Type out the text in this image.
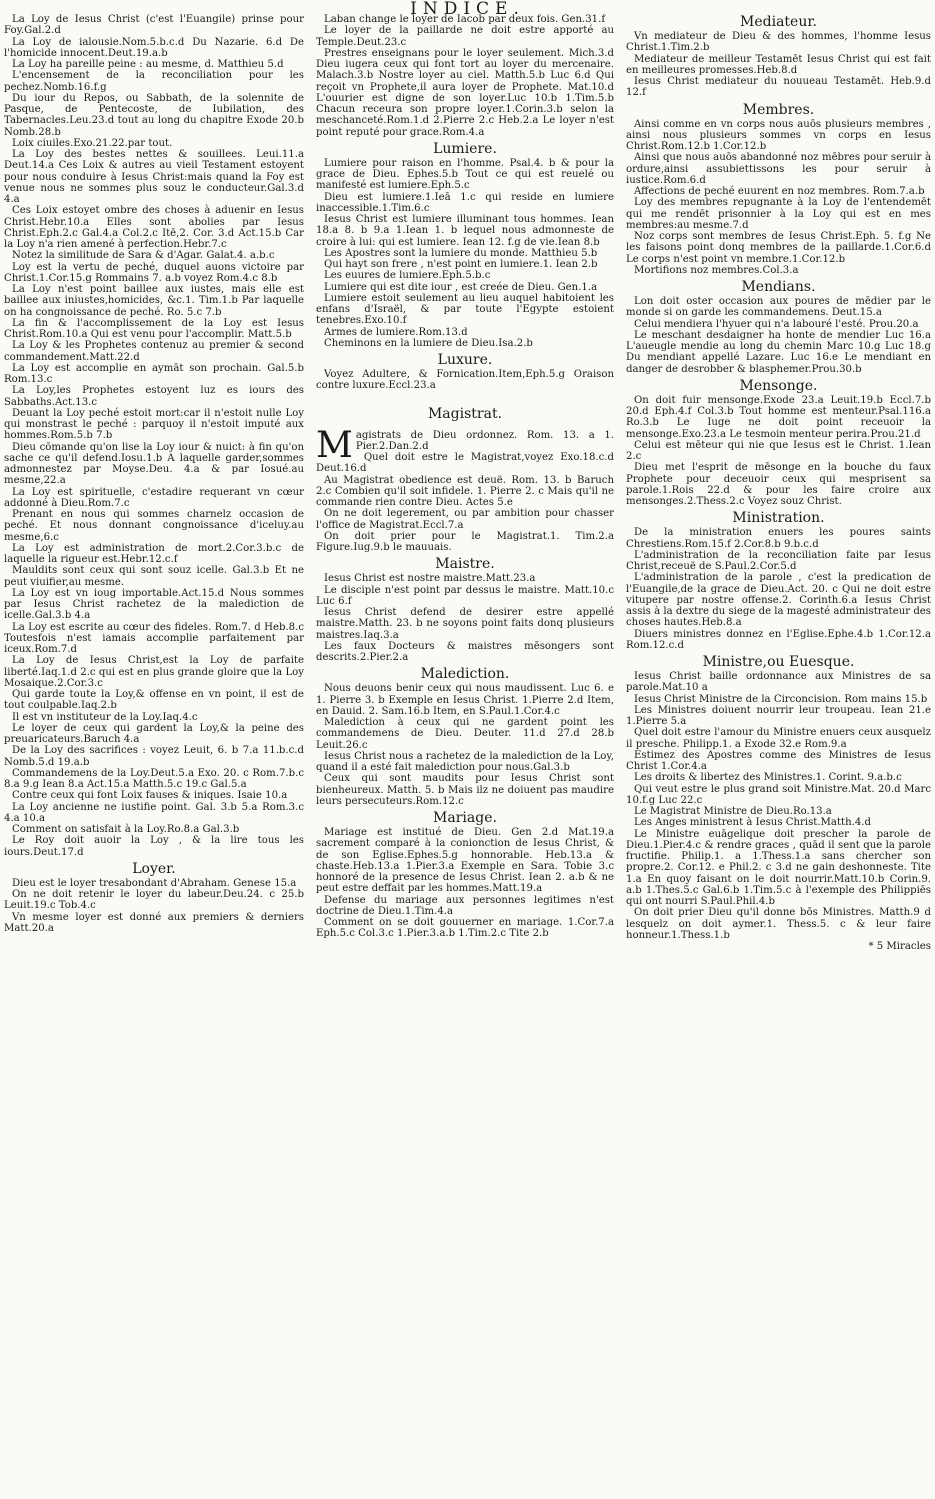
INDICE.

La Loy de Iesus Christ (c'est l'Euangile) prinse pour Foy.Gal.2.d

La Loy de ialousie.Nom.5.b.c.d Du Nazarie. 6.d De l'homicide innocent.Deut.19.a.b

La Loy ha pareille peine : au mesme, d. Matthieu 5.d

L'encensement de la reconciliation pour les pechez.Nomb.16.f.g

Du iour du Repos, ou Sabbath, de la solennite de Pasque, de Pentecoste, de Iubilation, des Tabernacles.Leu.23.d tout au long du chapitre Exode 20.b Nomb.28.b

Loix ciuiles.Exo.21.22.par tout.

La Loy des bestes nettes & souillees. Leui.11.a Deut.14.a Ces Loix & autres au vieil Testament estoyent pour nous conduire à Iesus Christ:mais quand la Foy est venue nous ne sommes plus souz le conducteur.Gal.3.d 4.a

Ces Loix estoyet ombre des choses à aduenir en Iesus Christ.Hebr.10.a Elles sont abolies par Iesus Christ.Eph.2.c Gal.4.a Col.2.c Itē,2. Cor. 3.d Act.15.b Car la Loy n'a rien amené à perfection.Hebr.7.c

Notez la similitude de Sara & d'Agar. Galat.4. a.b.c

Loy est la vertu de peché, duquel auons victoire par Christ.1.Cor.15.g Rommains 7. a.b voyez Rom.4.c 8.b

La Loy n'est point baillee aux iustes, mais elle est baillee aux iniustes,homicides, &c.1. Tim.1.b Par laquelle on ha congnoissance de peché. Ro. 5.c 7.b

La fin & l'accomplissement de la Loy est Iesus Christ.Rom.10.a Qui est venu pour l'accomplir. Matt.5.b

La Loy & les Prophetes contenuz au premier & second commandement.Matt.22.d

La Loy est accomplie en aymāt son prochain. Gal.5.b Rom.13.c

La Loy,les Prophetes estoyent luz es iours des Sabbaths.Act.13.c

Deuant la Loy peché estoit mort:car il n'estoit nulle Loy qui monstrast le peché : parquoy il n'estoit imputé aux hommes.Rom.5.b 7.b

Dieu cōmande qu'on lise la Loy iour & nuict: à fin qu'on sache ce qu'il defend.Iosu.1.b A laquelle garder,sommes admonnestez par Moyse.Deu. 4.a & par Iosué.au mesme,22.a

La Loy est spirituelle, c'estadire requerant vn cœur addonné à Dieu.Rom.7.c

Prenant en nous qui sommes charnelz occasion de peché. Et nous donnant congnoissance d'iceluy.au mesme,6.c

La Loy est administration de mort.2.Cor.3.b.c de laquelle la rigueur est.Hebr.12.c.f

Mauldits sont ceux qui sont souz icelle. Gal.3.b Et ne peut viuifier,au mesme.

La Loy est vn ioug importable.Act.15.d Nous sommes par Iesus Christ rachetez de la malediction de icelle.Gal.3.b 4.a

La Loy est escrite au cœur des fideles. Rom.7. d Heb.8.c Toutesfois n'est iamais accomplie parfaitement par iceux.Rom.7.d

La Loy de Iesus Christ,est la Loy de parfaite liberté.Iaq.1.d 2.c qui est en plus grande gloire que la Loy Mosaique.2.Cor.3.c

Qui garde toute la Loy,& offense en vn point, il est de tout coulpable.Iaq.2.b

Il est vn instituteur de la Loy.Iaq.4.c

Le loyer de ceux qui gardent la Loy,& la peine des preuaricateurs.Baruch 4.a

De la Loy des sacrifices : voyez Leuit, 6. b 7.a 11.b.c.d Nomb.5.d 19.a.b

Commandemens de la Loy.Deut.5.a Exo. 20. c Rom.7.b.c 8.a 9.g Iean 8.a Act.15.a Matth.5.c 19.c Gal.5.a

Contre ceux qui font Loix fauses & iniques. Isaie 10.a

La Loy ancienne ne iustifie point. Gal. 3.b 5.a Rom.3.c 4.a 10.a

Comment on satisfait à la Loy.Ro.8.a Gal.3.b

Le Roy doit auoir la Loy , & la lire tous les iours.Deut.17.d

Loyer.

Dieu est le loyer tresabondant d'Abraham. Genese 15.a

On ne doit retenir le loyer du labeur.Deu.24. c 25.b Leuit.19.c Tob.4.c

Vn mesme loyer est donné aux premiers & derniers Matt.20.a

Laban change le loyer de Iacob par deux fois. Gen.31.f

Le loyer de la paillarde ne doit estre apporté au Temple.Deut.23.c

Prestres enseignans pour le loyer seulement. Mich.3.d Dieu iugera ceux qui font tort au loyer du mercenaire. Malach.3.b Nostre loyer au ciel. Matth.5.b Luc 6.d Qui reçoit vn Prophete,il aura loyer de Prophete. Mat.10.d L'ouurier est digne de son loyer.Luc 10.b 1.Tim.5.b Chacun receura son propre loyer.1.Corin.3.b selon la meschanceté.Rom.1.d 2.Pierre 2.c Heb.2.a Le loyer n'est point reputé pour grace.Rom.4.a

Lumiere.

Lumiere pour raison en l'homme. Psal.4. b & pour la grace de Dieu. Ephes.5.b Tout ce qui est reuelé ou manifesté est lumiere.Eph.5.c

Dieu est lumiere.1.Ieā 1.c qui reside en lumiere inaccessible.1.Tim.6.c

Iesus Christ est lumiere illuminant tous hommes. Iean 18.a 8. b 9.a 1.Iean 1. b lequel nous admonneste de croire à lui: qui est lumiere. Iean 12. f.g de vie.Iean 8.b

Les Apostres sont la lumiere du monde. Matthieu 5.b

Qui hayt son frere , n'est point en lumiere.1. Iean 2.b

Les euures de lumiere.Eph.5.b.c

Lumiere qui est dite iour , est creée de Dieu. Gen.1.a

Lumiere estoit seulement au lieu auquel habitoient les enfans d'Israël, & par toute l'Egypte estoient tenebres.Exo.10.f

Armes de lumiere.Rom.13.d

Cheminons en la lumiere de Dieu.Isa.2.b

Luxure.

Voyez Adultere, & Fornication.Item,Eph.5.g Oraison contre luxure.Eccl.23.a

Magistrat.

Magistrats de Dieu ordonnez. Rom. 13. a 1. Pier.2.Dan.2.d

Quel doit estre le Magistrat,voyez Exo.18.c.d Deut.16.d

Au Magistrat obedience est deuë. Rom. 13. b Baruch 2.c Combien qu'il soit infidele. 1. Pierre 2. c Mais qu'il ne commande rien contre Dieu. Actes 5.e

On ne doit legerement, ou par ambition pour chasser l'office de Magistrat.Eccl.7.a

On doit prier pour le Magistrat.1. Tim.2.a Figure.Iug.9.b le mauuais.

Maistre.

Iesus Christ est nostre maistre.Matt.23.a

Le disciple n'est point par dessus le maistre. Matt.10.c Luc 6.f

Iesus Christ defend de desirer estre appellé maistre.Matth. 23. b ne soyons point faits donq plusieurs maistres.Iaq.3.a

Les faux Docteurs & maistres mēsongers sont descrits.2.Pier.2.a

Malediction.

Nous deuons benir ceux qui nous maudissent. Luc 6. e 1. Pierre 3. b Exemple en Iesus Christ. 1.Pierre 2.d Item, en Dauid. 2. Sam.16.b Item, en S.Paul.1.Cor.4.c

Malediction à ceux qui ne gardent point les commandemens de Dieu. Deuter. 11.d 27.d 28.b Leuit.26.c

Iesus Christ nous a rachetez de la malediction de la Loy, quand il a esté fait malediction pour nous.Gal.3.b

Ceux qui sont maudits pour Iesus Christ sont bienheureux. Matth. 5. b Mais ilz ne doiuent pas maudire leurs persecuteurs.Rom.12.c

Mariage.

Mariage est institué de Dieu. Gen 2.d Mat.19.a sacrement comparé à la conionction de Iesus Christ, & de son Eglise.Ephes.5.g honnorable. Heb.13.a & chaste.Heb.13.a 1.Pier.3.a Exemple en Sara. Tobie 3.c honnoré de la presence de Iesus Christ. Iean 2. a.b & ne peut estre deffait par les hommes.Matt.19.a

Defense du mariage aux personnes legitimes n'est doctrine de Dieu.1.Tim.4.a

Comment on se doit gouuerner en mariage. 1.Cor.7.a Eph.5.c Col.3.c 1.Pier.3.a.b 1.Tim.2.c Tite 2.b

Mediateur.

Vn mediateur de Dieu & des hommes, l'homme Iesus Christ.1.Tim.2.b

Mediateur de meilleur Testamēt Iesus Christ qui est fait en meilleures promesses.Heb.8.d

Iesus Christ mediateur du nouueau Testamēt. Heb.9.d 12.f

Membres.

Ainsi comme en vn corps nous auōs plusieurs membres , ainsi nous plusieurs sommes vn corps en Iesus Christ.Rom.12.b 1.Cor.12.b

Ainsi que nous auōs abandonné noz mēbres pour seruir à ordure,ainsi assubiettissons les pour seruir à iustice.Rom.6.d

Affections de peché euurent en noz membres. Rom.7.a.b

Loy des membres repugnante à la Loy de l'entendemēt qui me rendēt prisonnier à la Loy qui est en mes membres:au mesme.7.d

Noz corps sont membres de Iesus Christ.Eph. 5. f.g Ne les faisons point donq membres de la paillarde.1.Cor.6.d Le corps n'est point vn membre.1.Cor.12.b

Mortifions noz membres.Col.3.a

Mendians.

Lon doit oster occasion aux poures de mēdier par le monde si on garde les commandemens. Deut.15.a

Celui mendiera l'hyuer qui n'a labouré l'esté. Prou.20.a

Le meschant desdaigner ha honte de mendier Luc 16.a L'aueugle mendie au long du chemin Marc 10.g Luc 18.g Du mendiant appellé Lazare. Luc 16.e Le mendiant en danger de desrobber & blasphemer.Prou.30.b

Mensonge.

On doit fuir mensonge.Exode 23.a Leuit.19.b Eccl.7.b 20.d Eph.4.f Col.3.b Tout homme est menteur.Psal.116.a Ro.3.b Le Iuge ne doit point receuoir la mensonge.Exo.23.a Le tesmoin menteur perira.Prou.21.d

Celui est mēteur qui nie que Iesus est le Christ. 1.Iean 2.c

Dieu met l'esprit de mēsonge en la bouche du faux Prophete pour deceuoir ceux qui mesprisent sa parole.1.Rois 22.d & pour les faire croire aux mensonges.2.Thess.2.c Voyez souz Christ.

Ministration.

De la ministration enuers les poures saints Chrestiens.Rom.15.f 2.Cor.8.b 9.b.c.d

L'administration de la reconciliation faite par Iesus Christ,receuë de S.Paul.2.Cor.5.d

L'administration de la parole , c'est la predication de l'Euangile,de la grace de Dieu.Act. 20. c Qui ne doit estre vitupere par nostre offense.2. Corinth.6.a Iesus Christ assis à la dextre du siege de la magesté administrateur des choses hautes.Heb.8.a

Diuers ministres donnez en l'Eglise.Ephe.4.b 1.Cor.12.a Rom.12.c.d

Ministre,ou Euesque.

Iesus Christ baille ordonnance aux Ministres de sa parole.Mat.10 a

Iesus Christ Ministre de la Circoncision. Rom mains 15.b

Les Ministres doiuent nourrir leur troupeau. Iean 21.e 1.Pierre 5.a

Quel doit estre l'amour du Ministre enuers ceux ausquelz il presche. Philipp.1. a Exode 32.e Rom.9.a

Estimez des Apostres comme des Ministres de Iesus Christ 1.Cor.4.a

Les droits & libertez des Ministres.1. Corint. 9.a.b.c

Qui veut estre le plus grand soit Ministre.Mat. 20.d Marc 10.f.g Luc 22.c

Le Magistrat Ministre de Dieu.Ro.13.a

Les Anges ministrent à Iesus Christ.Matth.4.d

Le Ministre euāgelique doit prescher la parole de Dieu.1.Pier.4.c & rendre graces , quād il sent que la parole fructifie. Philip.1. a 1.Thess.1.a sans chercher son propre.2. Cor.12. e Phil.2. c 3.d ne gain deshonneste. Tite 1.a En quoy faisant on le doit nourrir.Matt.10.b Corin.9. a.b 1.Thes.5.c Gal.6.b 1.Tim.5.c à l'exemple des Philippiēs qui ont nourri S.Paul.Phil.4.b

On doit prier Dieu qu'il donne bōs Ministres. Matth.9 d lesquelz on doit aymer.1. Thess.5. c & leur faire honneur.1.Thess.1.b

* 5 Miracles
